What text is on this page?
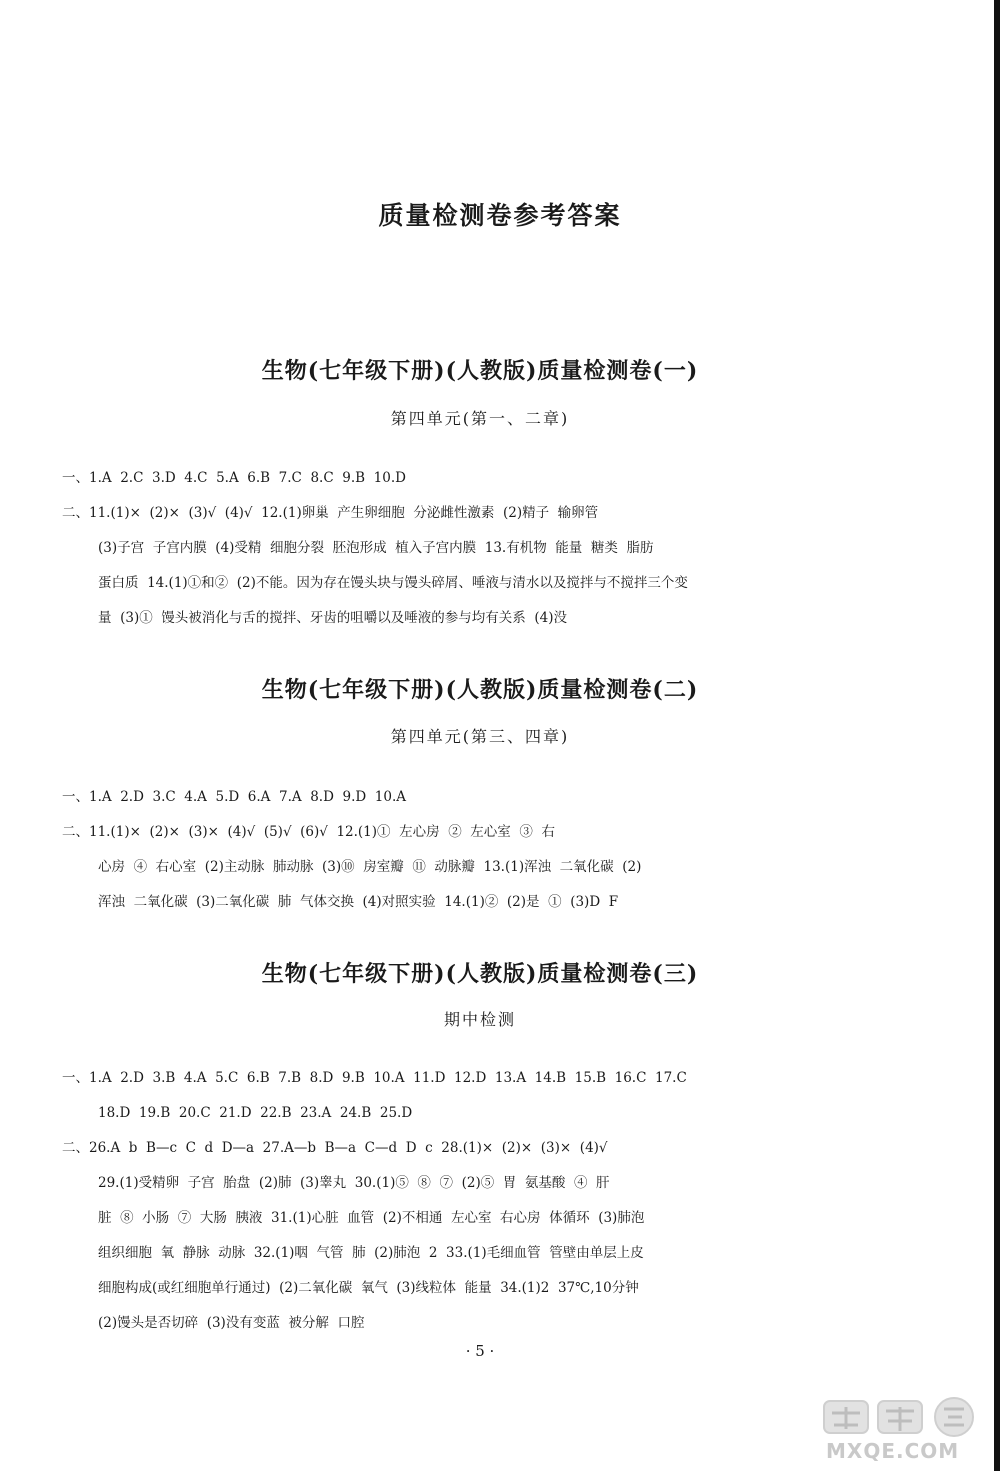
质量检测卷参考答案
生物(七年级下册)(人教版)质量检测卷(一)
第四单元(第一、二章)
一、1.A  2.C  3.D  4.C  5.A  6.B  7.C  8.C  9.B  10.D
二、11.(1)×  (2)×  (3)√  (4)√  12.(1)卵巢  产生卵细胞  分泌雌性激素  (2)精子  输卵管
(3)子宫  子宫内膜  (4)受精  细胞分裂  胚泡形成  植入子宫内膜  13.有机物  能量  糖类  脂肪
蛋白质  14.(1)①和②  (2)不能。因为存在馒头块与馒头碎屑、唾液与清水以及搅拌与不搅拌三个变
量  (3)①  馒头被消化与舌的搅拌、牙齿的咀嚼以及唾液的参与均有关系  (4)没
生物(七年级下册)(人教版)质量检测卷(二)
第四单元(第三、四章)
一、1.A  2.D  3.C  4.A  5.D  6.A  7.A  8.D  9.D  10.A
二、11.(1)×  (2)×  (3)×  (4)√  (5)√  (6)√  12.(1)①  左心房  ②  左心室  ③  右
心房  ④  右心室  (2)主动脉  肺动脉  (3)⑩  房室瓣  ⑪  动脉瓣  13.(1)浑浊  二氧化碳  (2)
浑浊  二氧化碳  (3)二氧化碳  肺  气体交换  (4)对照实验  14.(1)②  (2)是  ①  (3)D  F
生物(七年级下册)(人教版)质量检测卷(三)
期中检测
一、1.A  2.D  3.B  4.A  5.C  6.B  7.B  8.D  9.B  10.A  11.D  12.D  13.A  14.B  15.B  16.C  17.C
18.D  19.B  20.C  21.D  22.B  23.A  24.B  25.D
二、26.A  b  B—c  C  d  D—a  27.A—b  B—a  C—d  D  c  28.(1)×  (2)×  (3)×  (4)√
29.(1)受精卵  子宫  胎盘  (2)肺  (3)睾丸  30.(1)⑤  ⑧  ⑦  (2)⑤  胃  氨基酸  ④  肝
脏  ⑧  小肠  ⑦  大肠  胰液  31.(1)心脏  血管  (2)不相通  左心室  右心房  体循环  (3)肺泡
组织细胞  氧  静脉  动脉  32.(1)咽  气管  肺  (2)肺泡  2  33.(1)毛细血管  管壁由单层上皮
细胞构成(或红细胞单行通过)  (2)二氧化碳  氧气  (3)线粒体  能量  34.(1)2  37℃,10分钟
(2)馒头是否切碎  (3)没有变蓝  被分解  口腔
· 5 ·
MXQE.COM
